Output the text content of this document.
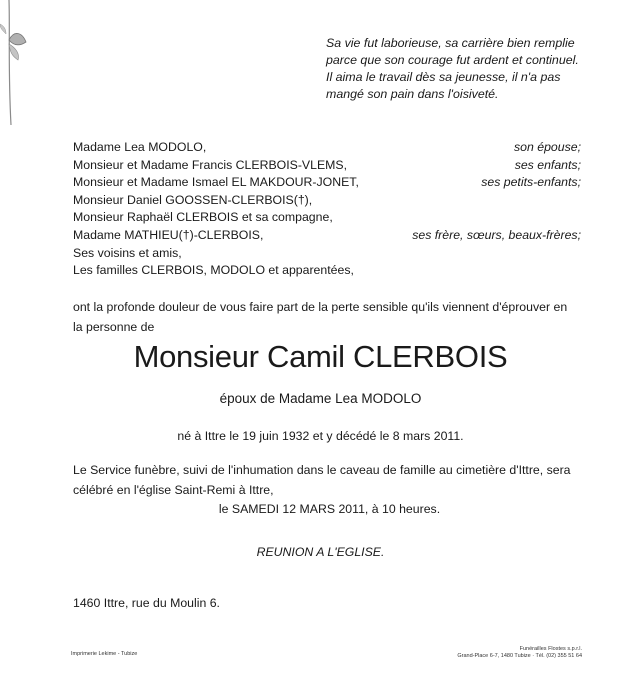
Sa vie fut laborieuse, sa carrière bien remplie
parce que son courage fut ardent et continuel.
Il aima le travail dès sa jeunesse, il n'a pas
mangé son pain dans l'oisiveté.
Madame Lea MODOLO,	son épouse;
Monsieur et Madame Francis CLERBOIS-VLEMS,	ses enfants;
Monsieur et Madame Ismael EL MAKDOUR-JONET,	ses petits-enfants;
Monsieur Daniel GOOSSEN-CLERBOIS(†),
Monsieur Raphaël CLERBOIS et sa compagne,
Madame MATHIEU(†)-CLERBOIS,	ses frère, sœurs, beaux-frères;
Ses voisins et amis,
Les familles CLERBOIS, MODOLO et apparentées,
ont la profonde douleur de vous faire part de la perte sensible qu'ils viennent d'éprouver en
la personne de
Monsieur Camil CLERBOIS
époux de Madame Lea MODOLO
né à Ittre le 19 juin 1932 et y décédé le 8 mars 2011.
Le Service funèbre, suivi de l'inhumation dans le caveau de famille au cimetière d'Ittre, sera
célébré en l'église Saint-Remi à Ittre,
le SAMEDI 12 MARS 2011, à 10 heures.
REUNION A L'EGLISE.
1460 Ittre, rue du Moulin 6.
Imprimerie Lekime - Tubize
Funérailles Flostes s.p.r.l.
Grand-Place 6-7, 1480 Tubize · Tél. (02) 355 51 64
